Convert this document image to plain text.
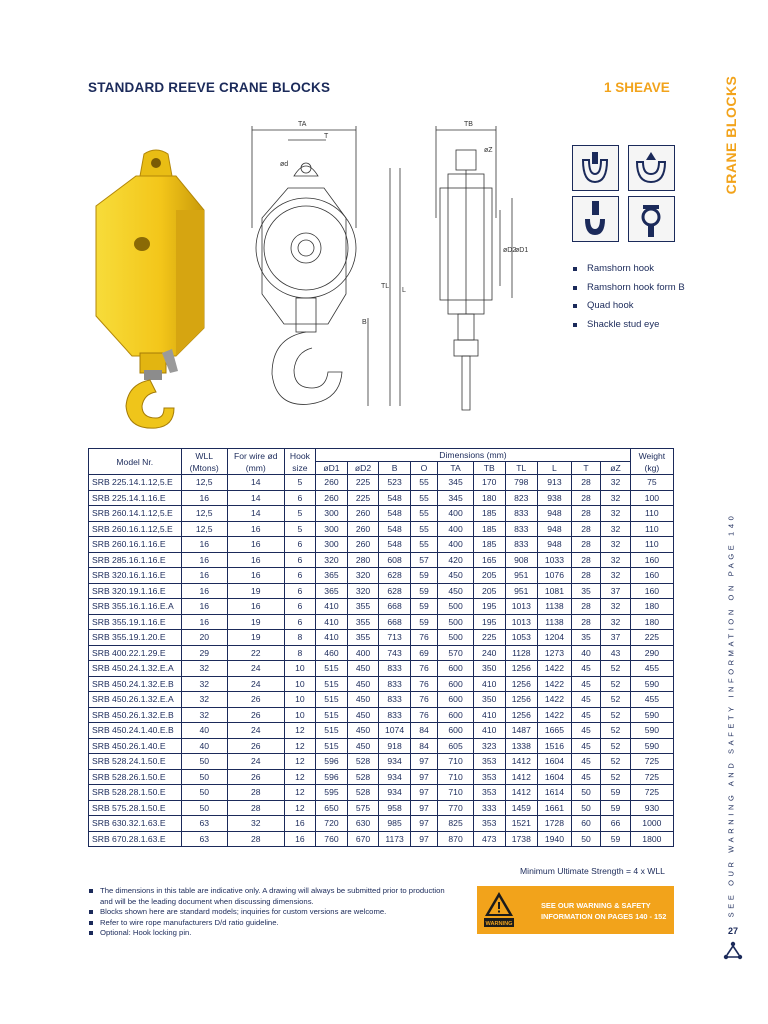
STANDARD REEVE CRANE BLOCKS	1 SHEAVE	CRANE BLOCKS
TA
T
ød
TB
øZ
TL
L
B
øD2
øD1
Ramshorn hook
Ramshorn hook form B
Quad hook
Shackle stud eye
Model Nr.	WLL (Mtons)	For wire ød (mm)	Hook size	Dimensions (mm)										Weight (kg)
				øD1	øD2	B	O	TA	TB	TL	L	T	øZ	
SRB 225.14.1.12,5.E	12,5	14	5	260	225	523	55	345	170	798	913	28	32	75
SRB 225.14.1.16.E	16	14	6	260	225	548	55	345	180	823	938	28	32	100
SRB 260.14.1.12,5.E	12,5	14	5	300	260	548	55	400	185	833	948	28	32	110
SRB 260.16.1.12,5.E	12,5	16	5	300	260	548	55	400	185	833	948	28	32	110
SRB 260.16.1.16.E	16	16	6	300	260	548	55	400	185	833	948	28	32	110
SRB 285.16.1.16.E	16	16	6	320	280	608	57	420	165	908	1033	28	32	160
SRB 320.16.1.16.E	16	16	6	365	320	628	59	450	205	951	1076	28	32	160
SRB 320.19.1.16.E	16	19	6	365	320	628	59	450	205	951	1081	35	37	160
SRB 355.16.1.16.E.A	16	16	6	410	355	668	59	500	195	1013	1138	28	32	180
SRB 355.19.1.16.E	16	19	6	410	355	668	59	500	195	1013	1138	28	32	180
SRB 355.19.1.20.E	20	19	8	410	355	713	76	500	225	1053	1204	35	37	225
SRB 400.22.1.29.E	29	22	8	460	400	743	69	570	240	1128	1273	40	43	290
SRB 450.24.1.32.E.A	32	24	10	515	450	833	76	600	350	1256	1422	45	52	455
SRB 450.24.1.32.E.B	32	24	10	515	450	833	76	600	410	1256	1422	45	52	590
SRB 450.26.1.32.E.A	32	26	10	515	450	833	76	600	350	1256	1422	45	52	455
SRB 450.26.1.32.E.B	32	26	10	515	450	833	76	600	410	1256	1422	45	52	590
SRB 450.24.1.40.E.B	40	24	12	515	450	1074	84	600	410	1487	1665	45	52	590
SRB 450.26.1.40.E	40	26	12	515	450	918	84	605	323	1338	1516	45	52	590
SRB 528.24.1.50.E	50	24	12	596	528	934	97	710	353	1412	1604	45	52	725
SRB 528.26.1.50.E	50	26	12	596	528	934	97	710	353	1412	1604	45	52	725
SRB 528.28.1.50.E	50	28	12	595	528	934	97	710	353	1412	1614	50	59	725
SRB 575.28.1.50.E	50	28	12	650	575	958	97	770	333	1459	1661	50	59	930
SRB 630.32.1.63.E	63	32	16	720	630	985	97	825	353	1521	1728	60	66	1000
SRB 670.28.1.63.E	63	28	16	760	670	1173	97	870	473	1738	1940	50	59	1800
Minimum Ultimate Strength = 4 x WLL
The dimensions in this table are indicative only. A drawing will always be submitted prior to production and will be the leading document when discussing dimensions.
Blocks shown here are standard models; inquiries for custom versions are welcome.
Refer to wire rope manufacturers D/d ratio guideline.
Optional: Hook locking pin.
WARNING
SEE OUR WARNING & SAFETY
INFORMATION ON PAGES 140 - 152	SEE OUR WARNING AND SAFETY INFORMATION ON PAGE 140
27
